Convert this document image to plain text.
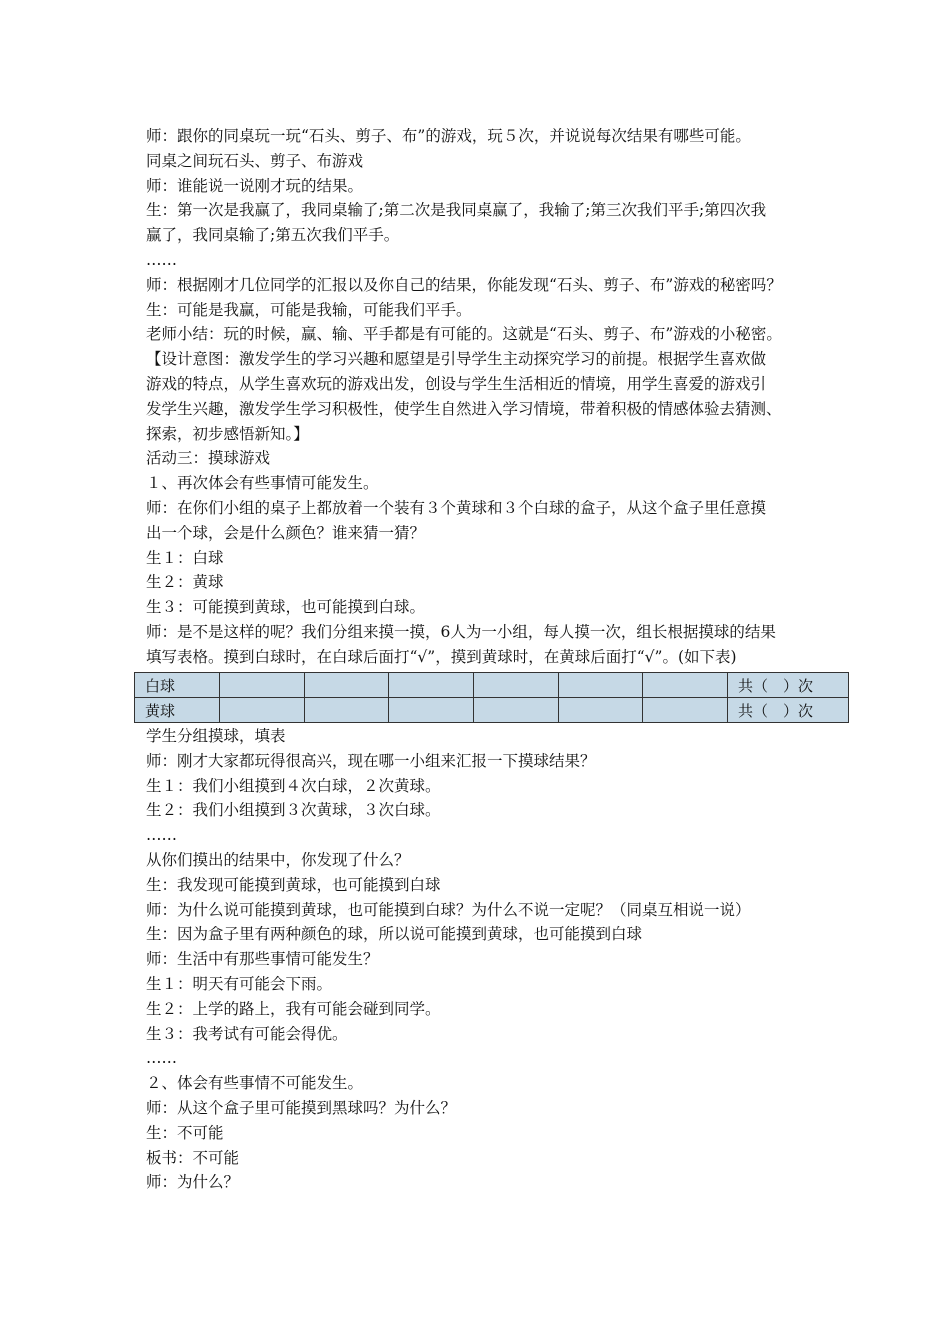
师：跟你的同桌玩一玩“石头、剪子、布”的游戏，玩５次，并说说每次结果有哪些可能。
同桌之间玩石头、剪子、布游戏
师：谁能说一说刚才玩的结果。
生：第一次是我赢了，我同桌输了;第二次是我同桌赢了，我输了;第三次我们平手;第四次我
赢了，我同桌输了;第五次我们平手。
……
师：根据刚才几位同学的汇报以及你自己的结果，你能发现“石头、剪子、布”游戏的秘密吗？
生：可能是我赢，可能是我输，可能我们平手。
老师小结：玩的时候，赢、输、平手都是有可能的。这就是“石头、剪子、布”游戏的小秘密。
【设计意图：激发学生的学习兴趣和愿望是引导学生主动探究学习的前提。根据学生喜欢做
游戏的特点，从学生喜欢玩的游戏出发，创设与学生生活相近的情境，用学生喜爱的游戏引
发学生兴趣，激发学生学习积极性，使学生自然进入学习情境，带着积极的情感体验去猜测、
探索，初步感悟新知。】
活动三：摸球游戏
１、再次体会有些事情可能发生。
师：在你们小组的桌子上都放着一个装有３个黄球和３个白球的盒子，从这个盒子里任意摸
出一个球，会是什么颜色？谁来猜一猜？
生１：白球
生２：黄球
生３：可能摸到黄球，也可能摸到白球。
师：是不是这样的呢？我们分组来摸一摸，6人为一小组，每人摸一次，组长根据摸球的结果
填写表格。摸到白球时，在白球后面打“√”，摸到黄球时，在黄球后面打“√”。(如下表)
白球							共（　）次
黄球							共（　）次
学生分组摸球，填表
师：刚才大家都玩得很高兴，现在哪一小组来汇报一下摸球结果？
生１：我们小组摸到４次白球，２次黄球。
生２：我们小组摸到３次黄球，３次白球。
……
从你们摸出的结果中，你发现了什么？
生：我发现可能摸到黄球，也可能摸到白球
师：为什么说可能摸到黄球，也可能摸到白球？为什么不说一定呢？（同桌互相说一说）
生：因为盒子里有两种颜色的球，所以说可能摸到黄球，也可能摸到白球
师：生活中有那些事情可能发生？
生１：明天有可能会下雨。
生２：上学的路上，我有可能会碰到同学。
生３：我考试有可能会得优。
……
２、体会有些事情不可能发生。
师：从这个盒子里可能摸到黑球吗？为什么？
生：不可能
板书：不可能
师：为什么？
